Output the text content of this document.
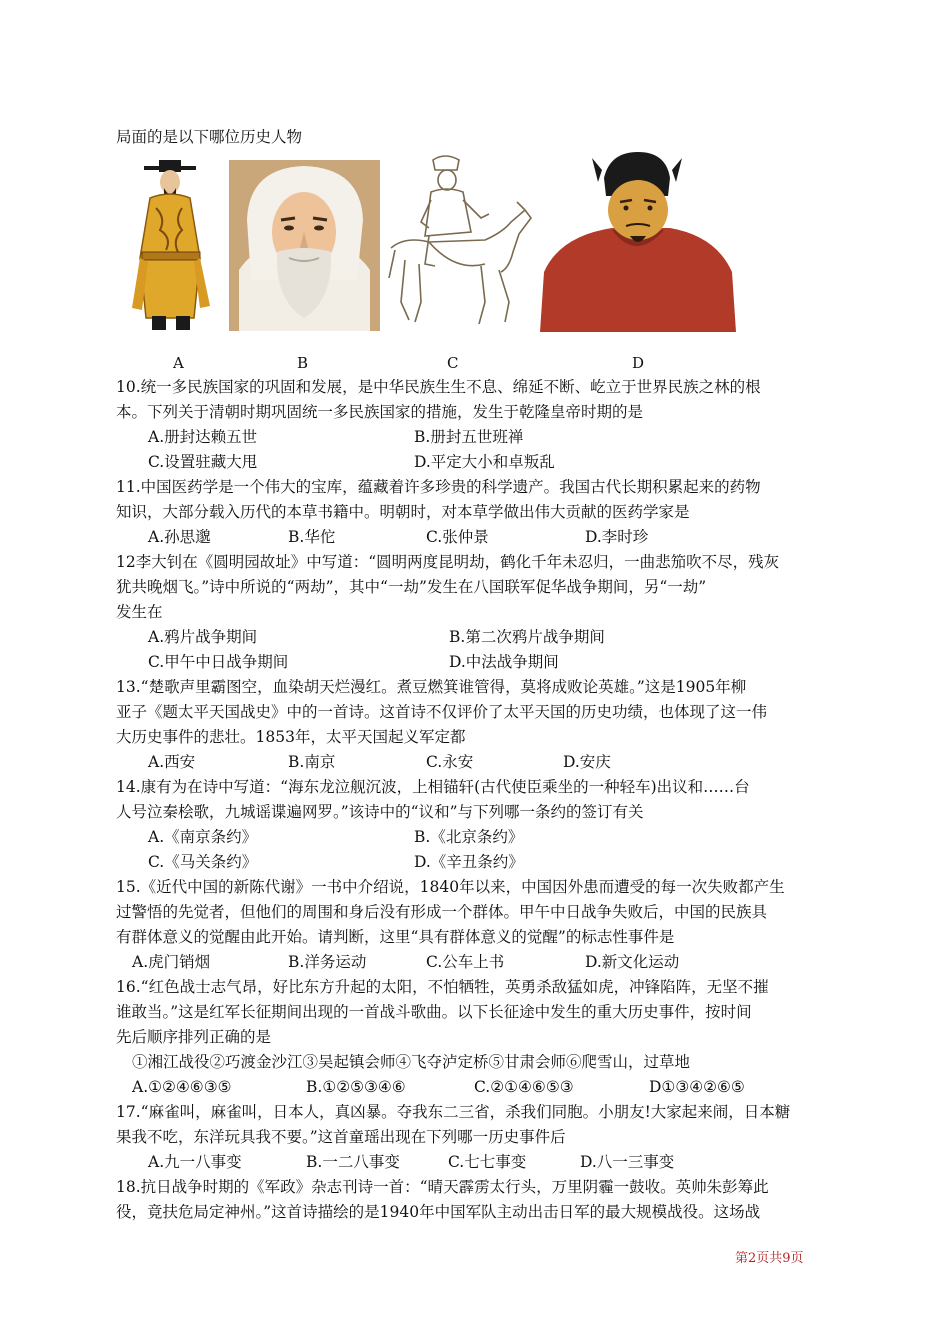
局面的是以下哪位历史人物
A	B	C	D
10.统一多民族国家的巩固和发展，是中华民族生生不息、绵延不断、屹立于世界民族之林的根
本。下列关于清朝时期巩固统一多民族国家的措施，发生于乾隆皇帝时期的是
A.册封达赖五世	B.册封五世班禅
C.设置驻藏大甩	D.平定大小和卓叛乱
11.中国医药学是一个伟大的宝库，蕴藏着许多珍贵的科学遗产。我国古代长期积累起来的药物
知识，大部分载入历代的本草书籍中。明朝时，对本草学做出伟大贡献的医药学家是
A.孙思邈	B.华佗	C.张仲景	D.李时珍
12李大钊在《圆明园故址》中写道：“圆明两度昆明劫，鹤化千年未忍归，一曲悲笳吹不尽，残灰
犹共晚烟飞。”诗中所说的“两劫”，其中“一劫”发生在八国联军促华战争期间，另“一劫”
发生在
A.鸦片战争期间	B.第二次鸦片战争期间
C.甲午中日战争期间	D.中法战争期间
13.“楚歌声里霸图空，血染胡天烂漫红。煮豆燃箕谁管得，莫将成败论英雄。”这是1905年柳
亚子《题太平天国战史》中的一首诗。这首诗不仅评价了太平天国的历史功绩，也体现了这一伟
大历史事件的悲壮。1853年，太平天国起义军定都
A.西安	B.南京	C.永安	D.安庆
14.康有为在诗中写道：“海东龙泣舰沉波，上相锚轩(古代使臣乘坐的一种轻车)出议和……台
人号泣秦桧歌，九城谣谍遍网罗。”该诗中的“议和”与下列哪一条约的签订有关
A.《南京条约》	B.《北京条约》
C.《马关条约》	D.《辛丑条约》
15.《近代中国的新陈代谢》一书中介绍说，1840年以来，中国因外患而遭受的每一次失败都产生
过警悟的先觉者，但他们的周围和身后没有形成一个群体。甲午中日战争失败后，中国的民族具
有群体意义的觉醒由此开始。请判断，这里“具有群体意义的觉醒”的标志性事件是
A.虎门销烟	B.洋务运动	C.公车上书	D.新文化运动
16.“红色战士志气昂，好比东方升起的太阳，不怕牺牲，英勇杀敌猛如虎，冲锋陷阵，无坚不摧
谁敢当。”这是红军长征期间出现的一首战斗歌曲。以下长征途中发生的重大历史事件，按时间
先后顺序排列正确的是
①湘江战役②巧渡金沙江③吴起镇会师④飞夺泸定桥⑤甘肃会师⑥爬雪山，过草地
A.①②④⑥③⑤	B.①②⑤③④⑥	C.②①④⑥⑤③	D①③④②⑥⑤
17.“麻雀叫，麻雀叫，日本人，真凶暴。夺我东二三省，杀我们同胞。小朋友!大家起来闹，日本糖
果我不吃，东洋玩具我不要。”这首童瑶出现在下列哪一历史事件后
A.九一八事变	B.一二八事变	C.七七事变	D.八一三事变
18.抗日战争时期的《军政》杂志刊诗一首：“晴天霹雳太行头，万里阴霾一鼓收。英帅朱彭筹此
役，竟扶危局定神州。”这首诗描绘的是1940年中国军队主动出击日军的最大规模战役。这场战
第2页共9页
